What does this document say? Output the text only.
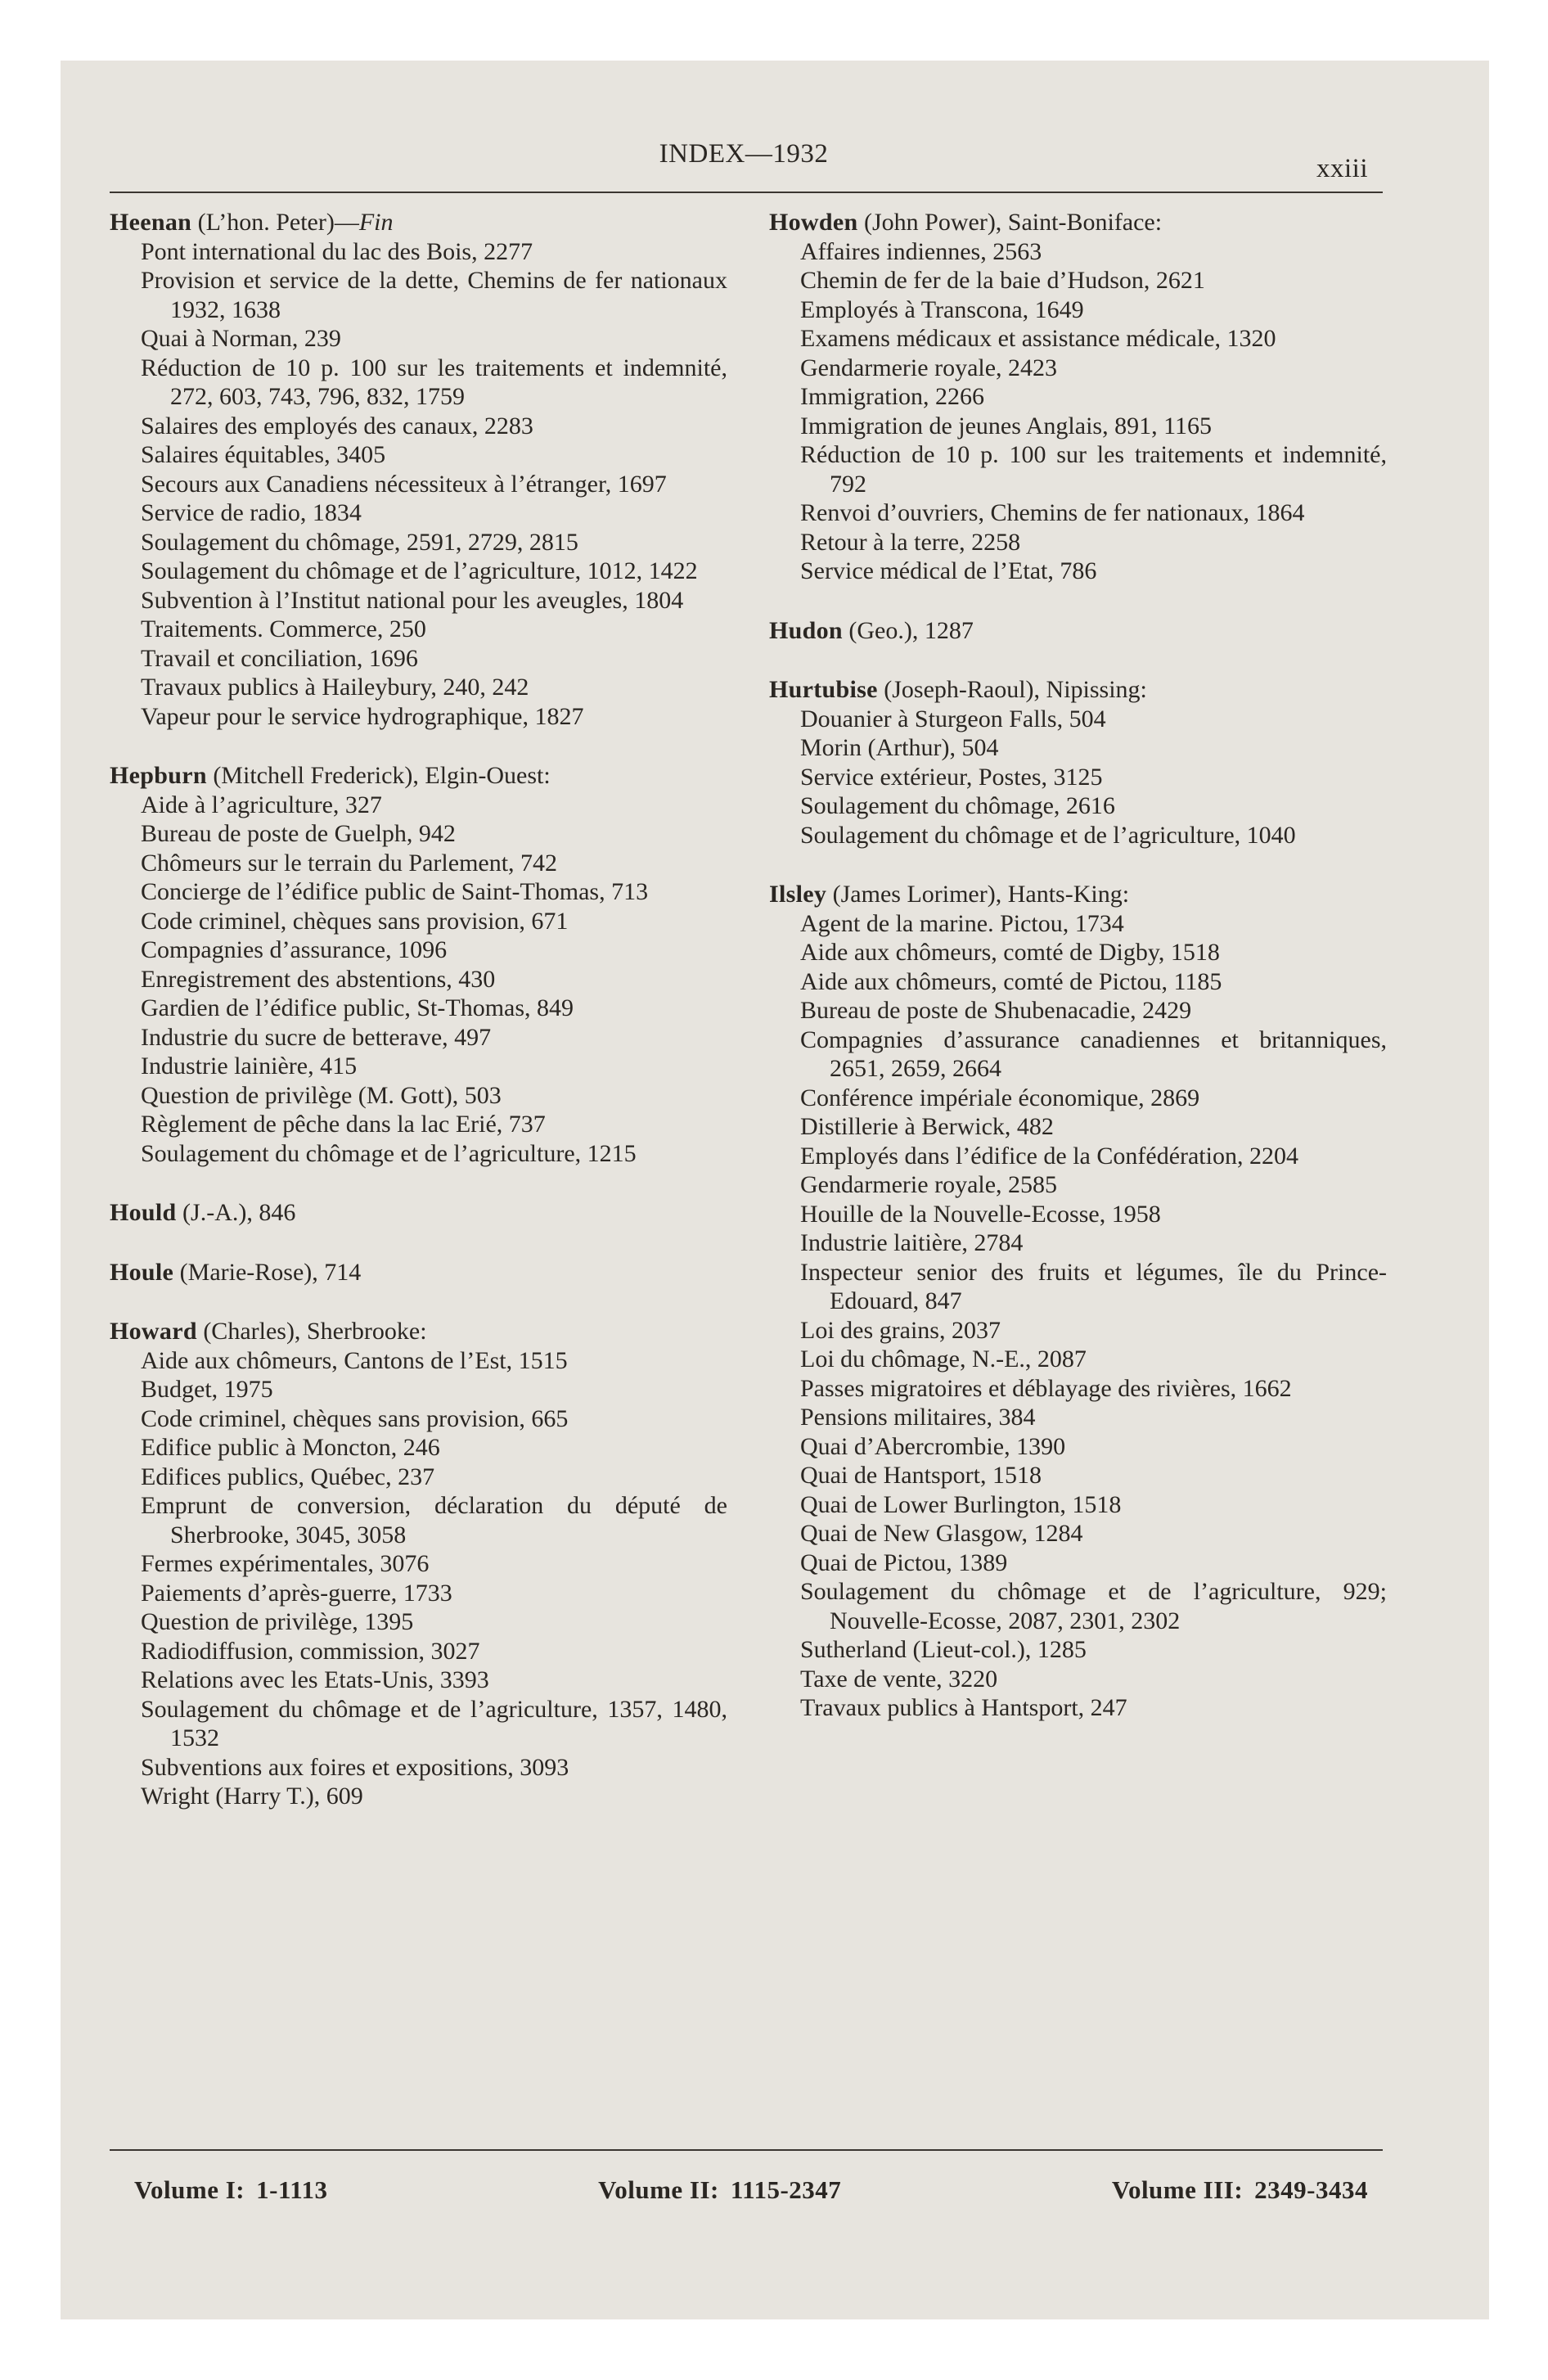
INDEX—1932	xxiii
Heenan (L’hon. Peter)—Fin
Pont international du lac des Bois, 2277
Provision et service de la dette, Chemins de fer nationaux 1932, 1638
Quai à Norman, 239
Réduction de 10 p. 100 sur les traitements et indemnité, 272, 603, 743, 796, 832, 1759
Salaires des employés des canaux, 2283
Salaires équitables, 3405
Secours aux Canadiens nécessiteux à l’étranger, 1697
Service de radio, 1834
Soulagement du chômage, 2591, 2729, 2815
Soulagement du chômage et de l’agriculture, 1012, 1422
Subvention à l’Institut national pour les aveugles, 1804
Traitements. Commerce, 250
Travail et conciliation, 1696
Travaux publics à Haileybury, 240, 242
Vapeur pour le service hydrographique, 1827
Hepburn (Mitchell Frederick), Elgin-Ouest:
Aide à l’agriculture, 327
Bureau de poste de Guelph, 942
Chômeurs sur le terrain du Parlement, 742
Concierge de l’édifice public de Saint-Thomas, 713
Code criminel, chèques sans provision, 671
Compagnies d’assurance, 1096
Enregistrement des abstentions, 430
Gardien de l’édifice public, St-Thomas, 849
Industrie du sucre de betterave, 497
Industrie lainière, 415
Question de privilège (M. Gott), 503
Règlement de pêche dans la lac Erié, 737
Soulagement du chômage et de l’agriculture, 1215
Hould (J.-A.), 846
Houle (Marie-Rose), 714
Howard (Charles), Sherbrooke:
Aide aux chômeurs, Cantons de l’Est, 1515
Budget, 1975
Code criminel, chèques sans provision, 665
Edifice public à Moncton, 246
Edifices publics, Québec, 237
Emprunt de conversion, déclaration du député de Sherbrooke, 3045, 3058
Fermes expérimentales, 3076
Paiements d’après-guerre, 1733
Question de privilège, 1395
Radiodiffusion, commission, 3027
Relations avec les Etats-Unis, 3393
Soulagement du chômage et de l’agriculture, 1357, 1480, 1532
Subventions aux foires et expositions, 3093
Wright (Harry T.), 609
Howden (John Power), Saint-Boniface:
Affaires indiennes, 2563
Chemin de fer de la baie d’Hudson, 2621
Employés à Transcona, 1649
Examens médicaux et assistance médicale, 1320
Gendarmerie royale, 2423
Immigration, 2266
Immigration de jeunes Anglais, 891, 1165
Réduction de 10 p. 100 sur les traitements et indemnité, 792
Renvoi d’ouvriers, Chemins de fer nationaux, 1864
Retour à la terre, 2258
Service médical de l’Etat, 786
Hudon (Geo.), 1287
Hurtubise (Joseph-Raoul), Nipissing:
Douanier à Sturgeon Falls, 504
Morin (Arthur), 504
Service extérieur, Postes, 3125
Soulagement du chômage, 2616
Soulagement du chômage et de l’agriculture, 1040
Ilsley (James Lorimer), Hants-King:
Agent de la marine. Pictou, 1734
Aide aux chômeurs, comté de Digby, 1518
Aide aux chômeurs, comté de Pictou, 1185
Bureau de poste de Shubenacadie, 2429
Compagnies d’assurance canadiennes et britanniques, 2651, 2659, 2664
Conférence impériale économique, 2869
Distillerie à Berwick, 482
Employés dans l’édifice de la Confédération, 2204
Gendarmerie royale, 2585
Houille de la Nouvelle-Ecosse, 1958
Industrie laitière, 2784
Inspecteur senior des fruits et légumes, île du Prince-Edouard, 847
Loi des grains, 2037
Loi du chômage, N.-E., 2087
Passes migratoires et déblayage des rivières, 1662
Pensions militaires, 384
Quai d’Abercrombie, 1390
Quai de Hantsport, 1518
Quai de Lower Burlington, 1518
Quai de New Glasgow, 1284
Quai de Pictou, 1389
Soulagement du chômage et de l’agriculture, 929; Nouvelle-Ecosse, 2087, 2301, 2302
Sutherland (Lieut-col.), 1285
Taxe de vente, 3220
Travaux publics à Hantsport, 247
Volume I: 1-1113	Volume II: 1115-2347	Volume III: 2349-3434
